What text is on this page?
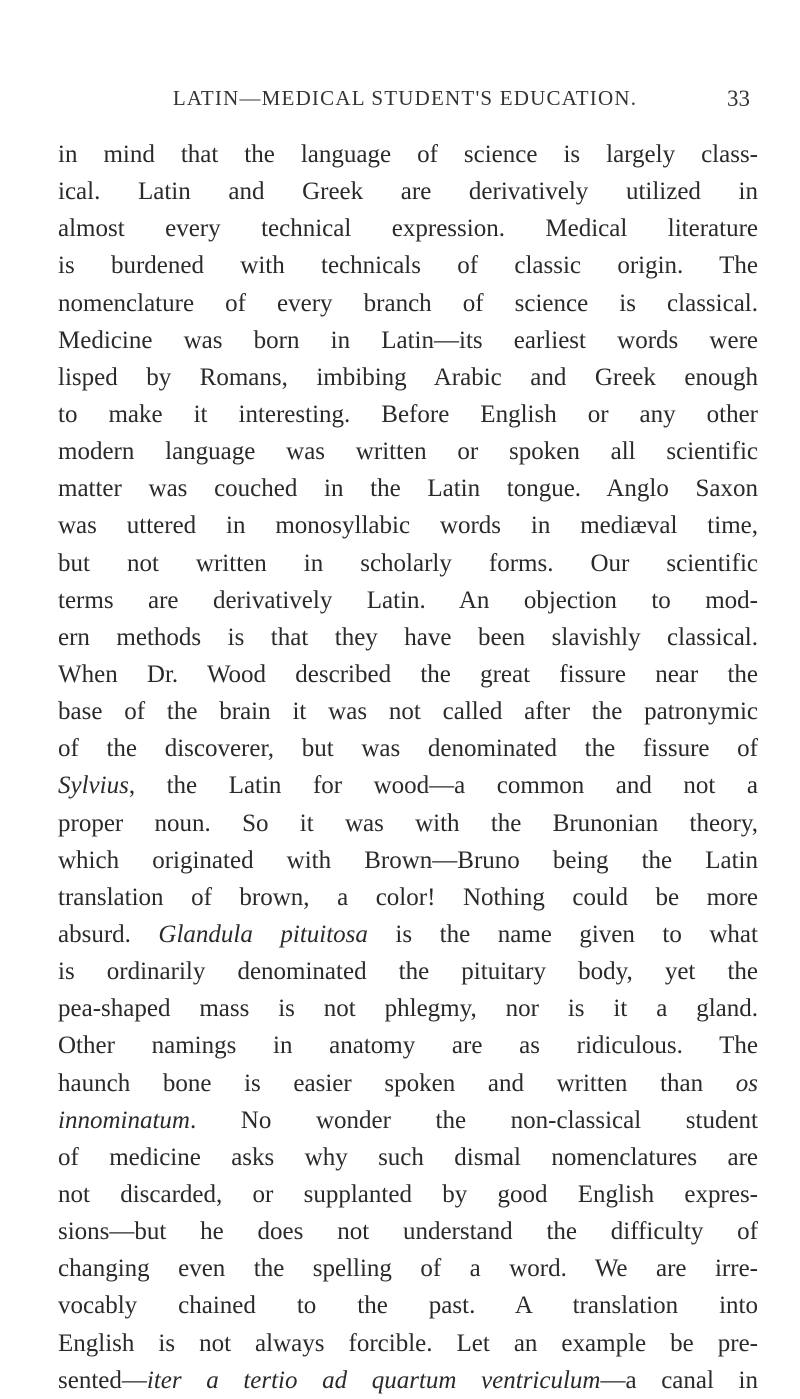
LATIN—MEDICAL STUDENT'S EDUCATION.	33
in mind that the language of science is largely class-
ical. Latin and Greek are derivatively utilized in
almost every technical expression. Medical literature
is burdened with technicals of classic origin. The
nomenclature of every branch of science is classical.
Medicine was born in Latin—its earliest words were
lisped by Romans, imbibing Arabic and Greek enough
to make it interesting. Before English or any other
modern language was written or spoken all scientific
matter was couched in the Latin tongue. Anglo Saxon
was uttered in monosyllabic words in mediæval time,
but not written in scholarly forms. Our scientific
terms are derivatively Latin. An objection to mod-
ern methods is that they have been slavishly classical.
When Dr. Wood described the great fissure near the
base of the brain it was not called after the patronymic
of the discoverer, but was denominated the fissure of
Sylvius, the Latin for wood—a common and not a
proper noun. So it was with the Brunonian theory,
which originated with Brown—Bruno being the Latin
translation of brown, a color! Nothing could be more
absurd. Glandula pituitosa is the name given to what
is ordinarily denominated the pituitary body, yet the
pea-shaped mass is not phlegmy, nor is it a gland.
Other namings in anatomy are as ridiculous. The
haunch bone is easier spoken and written than os
innominatum. No wonder the non-classical student
of medicine asks why such dismal nomenclatures are
not discarded, or supplanted by good English expres-
sions—but he does not understand the difficulty of
changing even the spelling of a word. We are irre-
vocably chained to the past. A translation into
English is not always forcible. Let an example be pre-
sented—iter a tertio ad quartum ventriculum—a canal in
